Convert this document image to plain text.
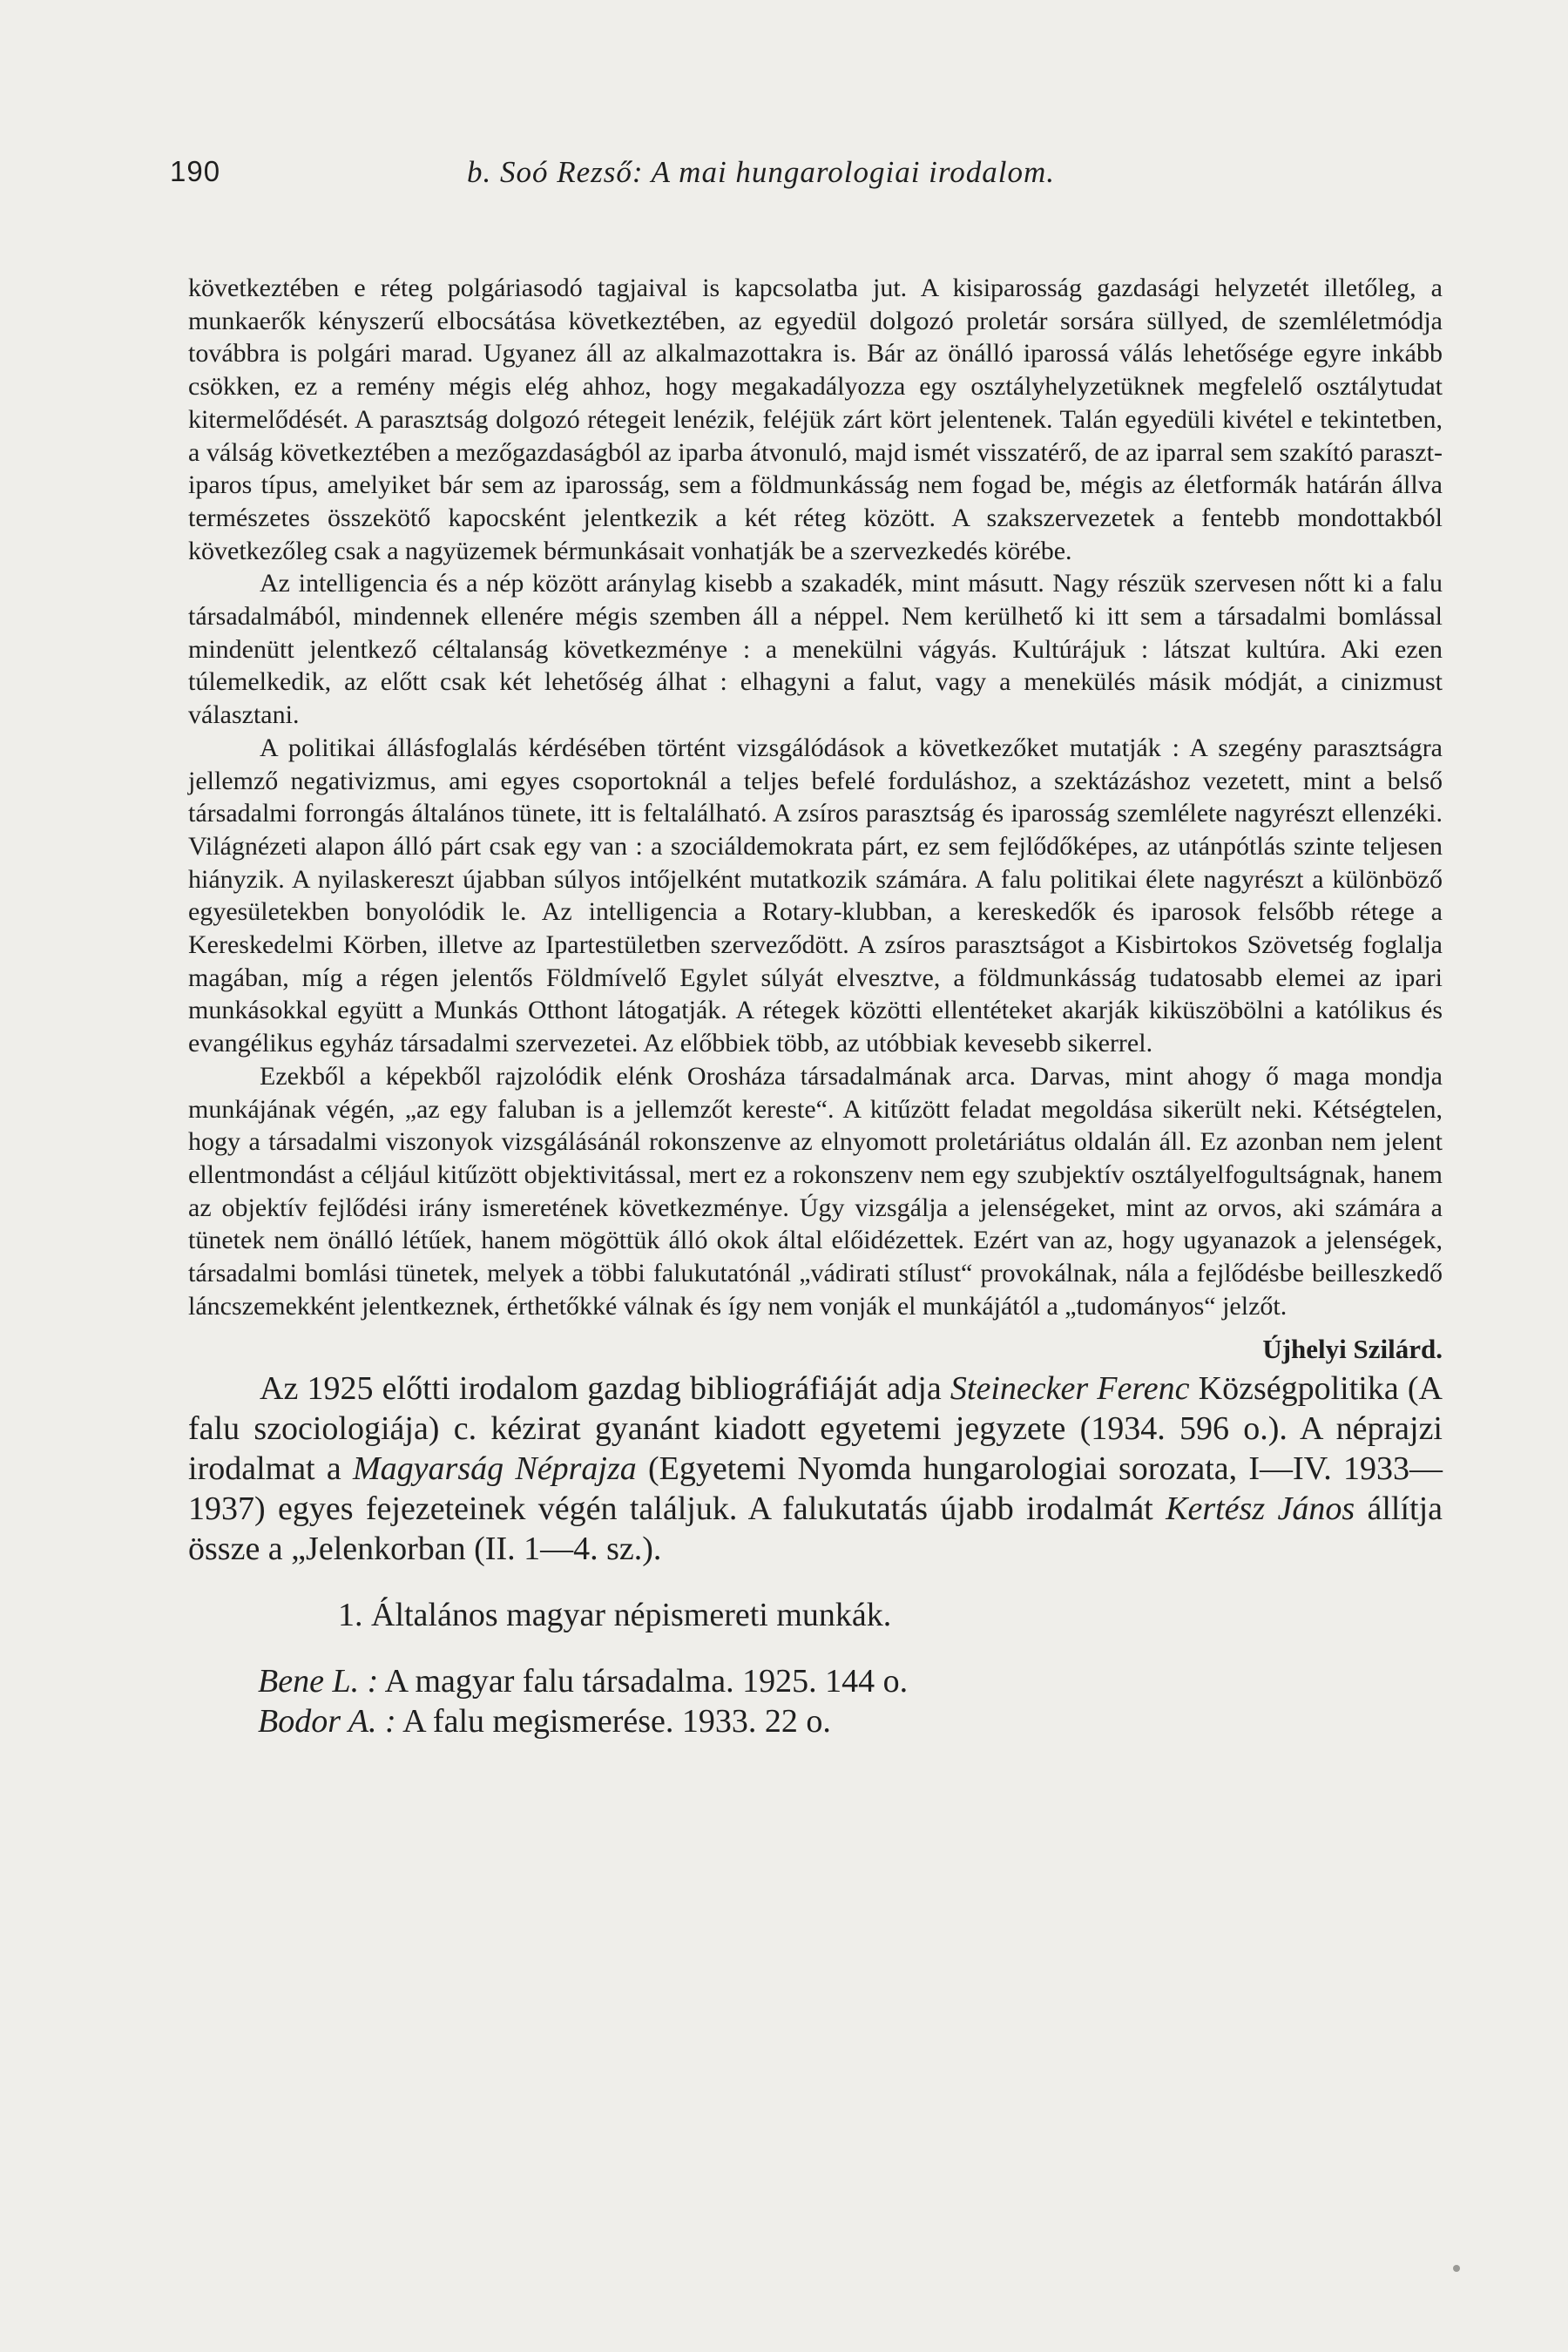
190	b. Soó Rezső: A mai hungarologiai irodalom.

következtében e réteg polgáriasodó tagjaival is kapcsolatba jut. A kisiparosság gazdasági helyzetét illetőleg, a munkaerők kényszerű elbocsátása következtében, az egyedül dolgozó proletár sorsára süllyed, de szemléletmódja továbbra is polgári marad. Ugyanez áll az alkalmazottakra is. Bár az önálló iparossá válás lehetősége egyre inkább csökken, ez a remény mégis elég ahhoz, hogy megakadályozza egy osztályhelyzetüknek megfelelő osztálytudat kitermelődését. A parasztság dolgozó rétegeit lenézik, feléjük zárt kört jelentenek. Talán egyedüli kivétel e tekintetben, a válság következtében a mezőgazdaságból az iparba átvonuló, majd ismét visszatérő, de az iparral sem szakító paraszt-iparos típus, amelyiket bár sem az iparosság, sem a földmunkásság nem fogad be, mégis az életformák határán állva természetes összekötő kapocsként jelentkezik a két réteg között. A szakszervezetek a fentebb mondottakból következőleg csak a nagyüzemek bérmunkásait vonhatják be a szervezkedés körébe.

Az intelligencia és a nép között aránylag kisebb a szakadék, mint másutt. Nagy részük szervesen nőtt ki a falu társadalmából, mindennek ellenére mégis szemben áll a néppel. Nem kerülhető ki itt sem a társadalmi bomlással mindenütt jelentkező céltalanság következménye : a menekülni vágyás. Kultúrájuk : látszat kultúra. Aki ezen túlemelkedik, az előtt csak két lehetőség álhat : elhagyni a falut, vagy a menekülés másik módját, a cinizmust választani.

A politikai állásfoglalás kérdésében történt vizsgálódások a következőket mutatják : A szegény parasztságra jellemző negativizmus, ami egyes csoportoknál a teljes befelé forduláshoz, a szektázáshoz vezetett, mint a belső társadalmi forrongás általános tünete, itt is feltalálható. A zsíros parasztság és iparosság szemlélete nagyrészt ellenzéki. Világnézeti alapon álló párt csak egy van : a szociáldemokrata párt, ez sem fejlődőképes, az utánpótlás szinte teljesen hiányzik. A nyilaskereszt újabban súlyos intőjelként mutatkozik számára. A falu politikai élete nagyrészt a különböző egyesületekben bonyolódik le. Az intelligencia a Rotary-klubban, a kereskedők és iparosok felsőbb rétege a Kereskedelmi Körben, illetve az Ipartestületben szerveződött. A zsíros parasztságot a Kisbirtokos Szövetség foglalja magában, míg a régen jelentős Földmívelő Egylet súlyát elvesztve, a földmunkásság tudatosabb elemei az ipari munkásokkal együtt a Munkás Otthont látogatják. A rétegek közötti ellentéteket akarják kiküszöbölni a katólikus és evangélikus egyház társadalmi szervezetei. Az előbbiek több, az utóbbiak kevesebb sikerrel.

Ezekből a képekből rajzolódik elénk Orosháza társadalmának arca. Darvas, mint ahogy ő maga mondja munkájának végén, „az egy faluban is a jellemzőt kereste“. A kitűzött feladat megoldása sikerült neki. Kétségtelen, hogy a társadalmi viszonyok vizsgálásánál rokonszenve az elnyomott proletáriátus oldalán áll. Ez azonban nem jelent ellentmondást a céljául kitűzött objektivitással, mert ez a rokonszenv nem egy szubjektív osztályelfogultságnak, hanem az objektív fejlődési irány ismeretének következménye. Úgy vizsgálja a jelenségeket, mint az orvos, aki számára a tünetek nem önálló létűek, hanem mögöttük álló okok által előidézettek. Ezért van az, hogy ugyanazok a jelenségek, társadalmi bomlási tünetek, melyek a többi falukutatónál „vádirati stílust“ provokálnak, nála a fejlődésbe beilleszkedő láncszemekként jelentkeznek, érthetőkké válnak és így nem vonják el munkájától a „tudományos“ jelzőt.

Újhelyi Szilárd.

Az 1925 előtti irodalom gazdag bibliográfiáját adja Steinecker Ferenc Községpolitika (A falu szociologiája) c. kézirat gyanánt kiadott egyetemi jegyzete (1934. 596 o.). A néprajzi irodalmat a Magyarság Néprajza (Egyetemi Nyomda hungarologiai sorozata, I—IV. 1933—1937) egyes fejezeteinek végén találjuk. A falukutatás újabb irodalmát Kertész János állítja össze a „Jelenkorban (II. 1—4. sz.).

1. Általános magyar népismereti munkák.
Bene L. : A magyar falu társadalma. 1925. 144 o.
Bodor A. : A falu megismerése. 1933. 22 o.
